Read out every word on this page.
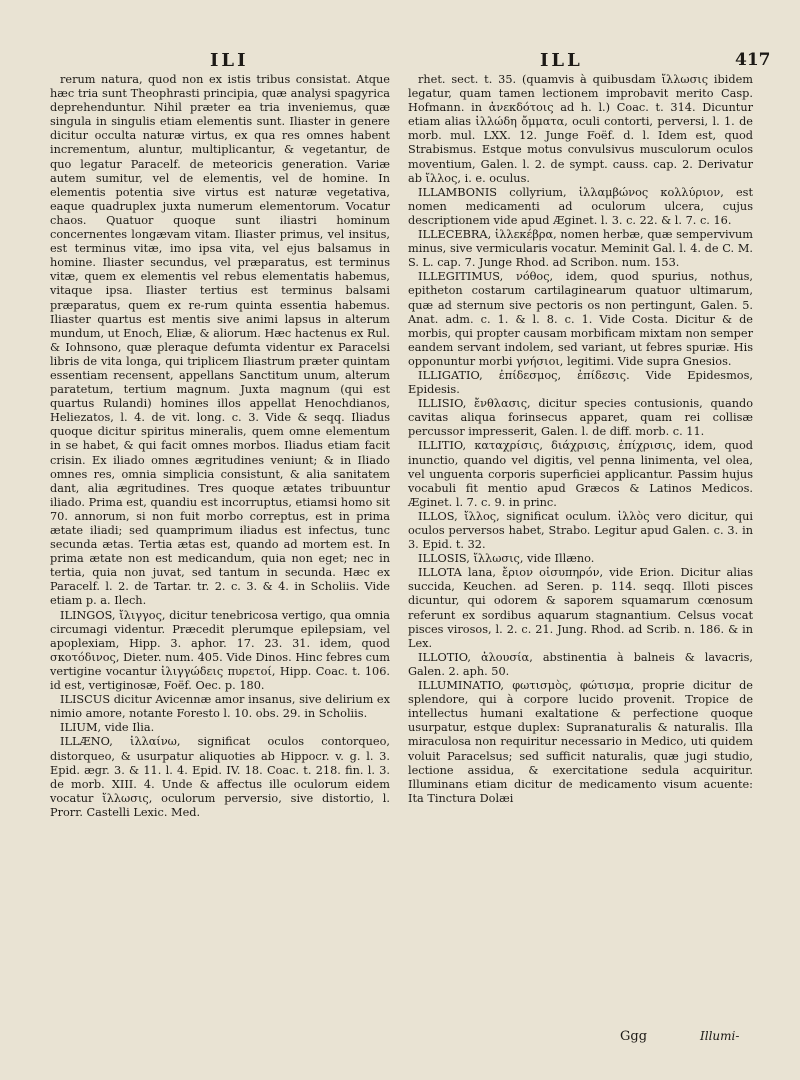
ILI	ILL	417

rerum natura, quod non ex istis tribus consistat. Atque hæc tria sunt Theophrasti principia, quæ analysi spagyrica deprehenduntur. Nihil præter ea tria inveniemus, quæ singula in singulis etiam elementis sunt. Iliaster in genere dicitur occulta naturæ virtus, ex qua res omnes habent incrementum, aluntur, multiplicantur, & vegetantur, de quo legatur Paracelf. de meteoricis generation. Variæ autem sumitur, vel de elementis, vel de homine. In elementis potentia sive virtus est naturæ vegetativa, eaque quadruplex juxta numerum elementorum. Vocatur chaos. Quatuor quoque sunt iliastri hominum concernentes longævam vitam. Iliaster primus, vel insitus, est terminus vitæ, imo ipsa vita, vel ejus balsamus in homine. Iliaster secundus, vel præparatus, est terminus vitæ, quem ex elementis vel rebus elementatis habemus, vitaque ipsa. Iliaster tertius est terminus balsami præparatus, quem ex re-rum quinta essentia habemus. Iliaster quartus est mentis sive animi lapsus in alterum mundum, ut Enoch, Eliæ, & aliorum. Hæc hactenus ex Rul. & Iohnsono, quæ pleraque defumta videntur ex Paracelsi libris de vita longa, qui triplicem Iliastrum præter quintam essentiam recensent, appellans Sanctitum unum, alterum paratetum, tertium magnum. Juxta magnum (qui est quartus Rulandi) homines illos appellat Henochdianos, Heliezatos, l. 4. de vit. long. c. 3. Vide & seqq. Iliadus quoque dicitur spiritus mineralis, quem omne elementum in se habet, & qui facit omnes morbos. Iliadus etiam facit crisin. Ex iliado omnes ægritudines veniunt; & in Iliado omnes res, omnia simplicia consistunt, & alia sanitatem dant, alia ægritudines. Tres quoque ætates tribuuntur iliado. Prima est, quandiu est incorruptus, etiamsi homo sit 70. annorum, si non fuit morbo correptus, est in prima ætate iliadi; sed quamprimum iliadus est infectus, tunc secunda ætas. Tertia ætas est, quando ad mortem est. In prima ætate non est medicandum, quia non eget; nec in tertia, quia non juvat, sed tantum in secunda. Hæc ex Paracelf. l. 2. de Tartar. tr. 2. c. 3. & 4. in Scholiis. Vide etiam p. a. Ilech.

ILINGOS, ἴλιγγος, dicitur tenebricosa vertigo, qua omnia circumagi videntur. Præcedit plerumque epilepsiam, vel apoplexiam, Hipp. 3. aphor. 17. 23. 31. idem, quod σκοτόδινος, Dieter. num. 405. Vide Dinos. Hinc febres cum vertigine vocantur ἰλιγγώδεις πυρετοί, Hipp. Coac. t. 106. id est, vertiginosæ, Foëf. Oec. p. 180.

ILISCUS dicitur Avicennæ amor insanus, sive delirium ex nimio amore, notante Foresto l. 10. obs. 29. in Scholiis.

ILIUM, vide Ilia.

ILLÆNO, ἰλλαίνω, significat oculos contorqueo, distorqueo, & usurpatur aliquoties ab Hippocr. v. g. l. 3. Epid. ægr. 3. & 11. l. 4. Epid. IV. 18. Coac. t. 218. fin. l. 3. de morb. XIII. 4. Unde & affectus ille oculorum eidem vocatur ἴλλωσις, oculorum perversio, sive distortio, l. Prorr. Castelli Lexic. Med.

rhet. sect. t. 35. (quamvis à quibusdam ἴλλωσις ibidem legatur, quam tamen lectionem improbavit merito Casp. Hofmann. in ἀνεκδότοις ad h. l.) Coac. t. 314. Dicuntur etiam alias ἰλλώδη ὄμματα, oculi contorti, perversi, l. 1. de morb. mul. LXX. 12. Junge Foëf. d. l. Idem est, quod Strabismus. Estque motus convulsivus musculorum oculos moventium, Galen. l. 2. de sympt. causs. cap. 2. Derivatur ab ἴλλος, i. e. oculus.

ILLAMBONIS collyrium, ἰλλαμβώνος κολλύριον, est nomen medicamenti ad oculorum ulcera, cujus descriptionem vide apud Æginet. l. 3. c. 22. & l. 7. c. 16.

ILLECEBRA, ἰλλεκέβρα, nomen herbæ, quæ sempervivum minus, sive vermicularis vocatur. Meminit Gal. l. 4. de C. M. S. L. cap. 7. Junge Rhod. ad Scribon. num. 153.

ILLEGITIMUS, νόθος, idem, quod spurius, nothus, epitheton costarum cartilaginearum quatuor ultimarum, quæ ad sternum sive pectoris os non pertingunt, Galen. 5. Anat. adm. c. 1. & l. 8. c. 1. Vide Costa. Dicitur & de morbis, qui propter causam morbificam mixtam non semper eandem servant indolem, sed variant, ut febres spuriæ. His opponuntur morbi γνήσιοι, legitimi. Vide supra Gnesios.

ILLIGATIO, ἐπίδεσμος, ἐπίδεσις. Vide Epidesmos, Epidesis.

ILLISIO, ἔνθλασις, dicitur species contusionis, quando cavitas aliqua forinsecus apparet, quam rei collisæ percussor impresserit, Galen. l. de diff. morb. c. 11.

ILLITIO, καταχρίσις, διάχρισις, ἐπίχρισις, idem, quod inunctio, quando vel digitis, vel penna linimenta, vel olea, vel unguenta corporis superficiei applicantur. Passim hujus vocabuli fit mentio apud Græcos & Latinos Medicos. Æginet. l. 7. c. 9. in princ.

ILLOS, ἴλλος, significat oculum. ἰλλὸς vero dicitur, qui oculos perversos habet, Strabo. Legitur apud Galen. c. 3. in 3. Epid. t. 32.

ILLOSIS, ἴλλωσις, vide Illæno.

ILLOTA lana, ἔριον οἰσυπηρόν, vide Erion. Dicitur alias succida, Keuchen. ad Seren. p. 114. seqq. Illoti pisces dicuntur, qui odorem & saporem squamarum cœnosum referunt ex sordibus aquarum stagnantium. Celsus vocat pisces virosos, l. 2. c. 21. Jung. Rhod. ad Scrib. n. 186. & in Lex.

ILLOTIO, ἀλουσία, abstinentia à balneis & lavacris, Galen. 2. aph. 50.

ILLUMINATIO, φωτισμὸς, φώτισμα, proprie dicitur de splendore, qui à corpore lucido provenit. Tropice de intellectus humani exaltatione & perfectione quoque usurpatur, estque duplex: Supranaturalis & naturalis. Illa miraculosa non requiritur necessario in Medico, uti quidem voluit Paracelsus; sed sufficit naturalis, quæ jugi studio, lectione assidua, & exercitatione sedula acquiritur. Illuminans etiam dicitur de medicamento visum acuente: Ita Tinctura Dolæi

Ggg	Illumi-
